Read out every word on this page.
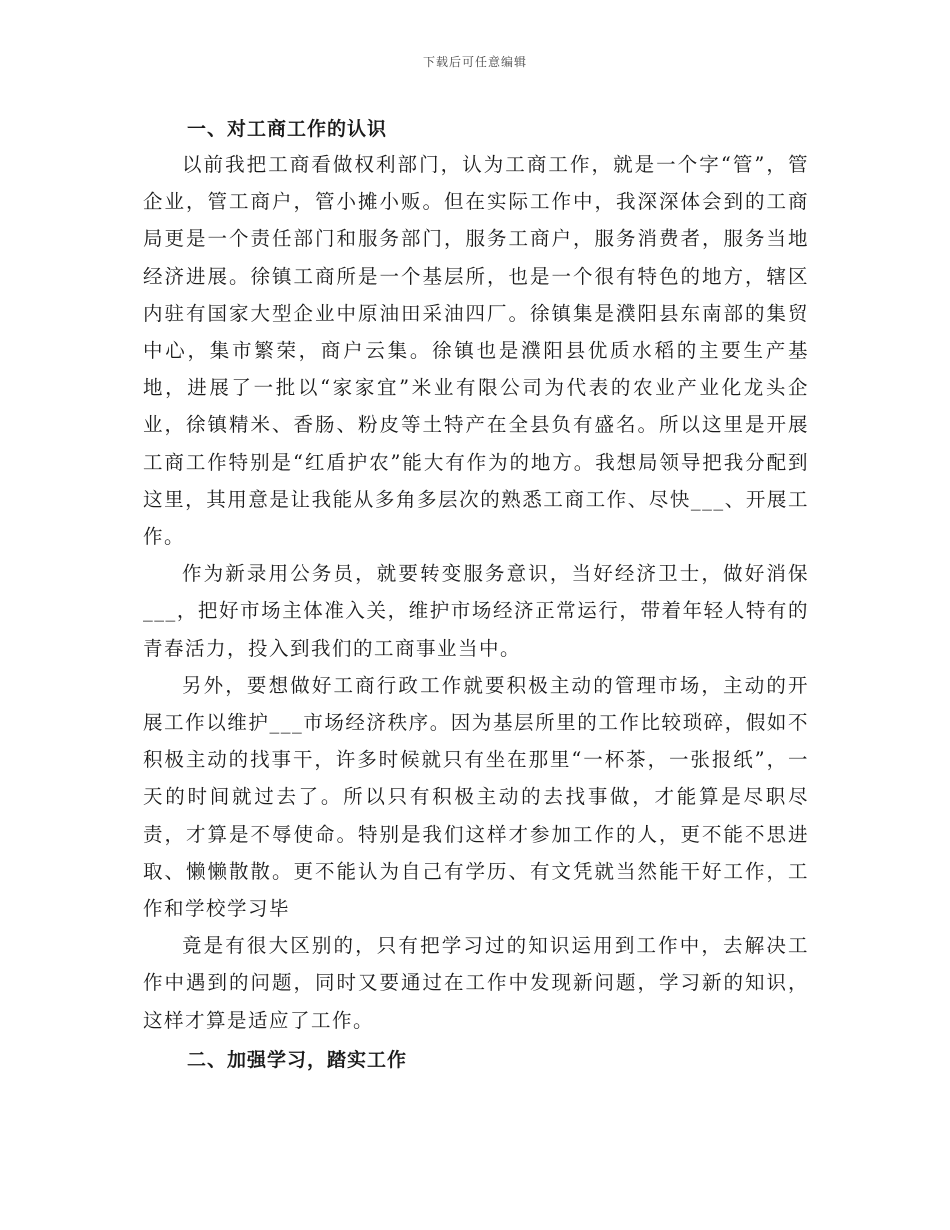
下载后可任意编辑
一、对工商工作的认识

以前我把工商看做权利部门，认为工商工作，就是一个字“管”，管企业，管工商户，管小摊小贩。但在实际工作中，我深深体会到的工商局更是一个责任部门和服务部门，服务工商户，服务消费者，服务当地经济进展。徐镇工商所是一个基层所，也是一个很有特色的地方，辖区内驻有国家大型企业中原油田采油四厂。徐镇集是濮阳县东南部的集贸中心，集市繁荣，商户云集。徐镇也是濮阳县优质水稻的主要生产基地，进展了一批以“家家宜”米业有限公司为代表的农业产业化龙头企业，徐镇精米、香肠、粉皮等土特产在全县负有盛名。所以这里是开展工商工作特别是“红盾护农”能大有作为的地方。我想局领导把我分配到这里，其用意是让我能从多角多层次的熟悉工商工作、尽快___、开展工作。

作为新录用公务员，就要转变服务意识，当好经济卫士，做好消保___，把好市场主体准入关，维护市场经济正常运行，带着年轻人特有的青春活力，投入到我们的工商事业当中。

另外，要想做好工商行政工作就要积极主动的管理市场，主动的开展工作以维护___市场经济秩序。因为基层所里的工作比较琐碎，假如不积极主动的找事干，许多时候就只有坐在那里“一杯茶，一张报纸”，一天的时间就过去了。所以只有积极主动的去找事做，才能算是尽职尽责，才算是不辱使命。特别是我们这样才参加工作的人，更不能不思进取、懒懒散散。更不能认为自己有学历、有文凭就当然能干好工作，工作和学校学习毕

竟是有很大区别的，只有把学习过的知识运用到工作中，去解决工作中遇到的问题，同时又要通过在工作中发现新问题，学习新的知识，这样才算是适应了工作。

二、加强学习，踏实工作
